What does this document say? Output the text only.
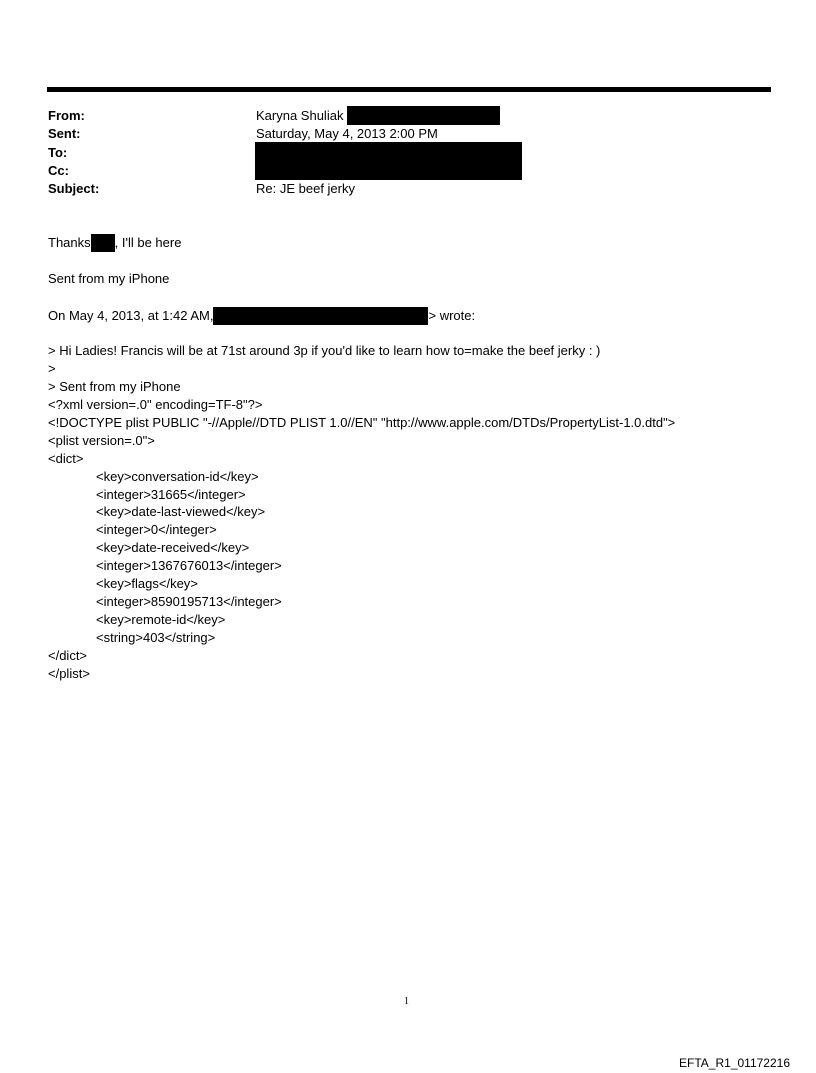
From:	Karyna Shuliak
Sent:	Saturday, May 4, 2013 2:00 PM
To:
Cc:
Subject:	Re: JE beef jerky
Thanks , I'll be here
Sent from my iPhone
On May 4, 2013, at 1:42 AM,	> wrote:
> Hi Ladies! Francis will be at 71st around 3p if you'd like to learn how to=make the beef jerky : )
>
> Sent from my iPhone
<?xml version=.0" encoding=TF-8"?>
<!DOCTYPE plist PUBLIC "-//Apple//DTD PLIST 1.0//EN" "http://www.apple.com/DTDs/PropertyList-1.0.dtd">
<plist version=.0">
<dict>
<key>conversation-id</key>
<integer>31665</integer>
<key>date-last-viewed</key>
<integer>0</integer>
<key>date-received</key>
<integer>1367676013</integer>
<key>flags</key>
<integer>8590195713</integer>
<key>remote-id</key>
<string>403</string>
</dict>
</plist>
1
EFTA_R1_01172216
